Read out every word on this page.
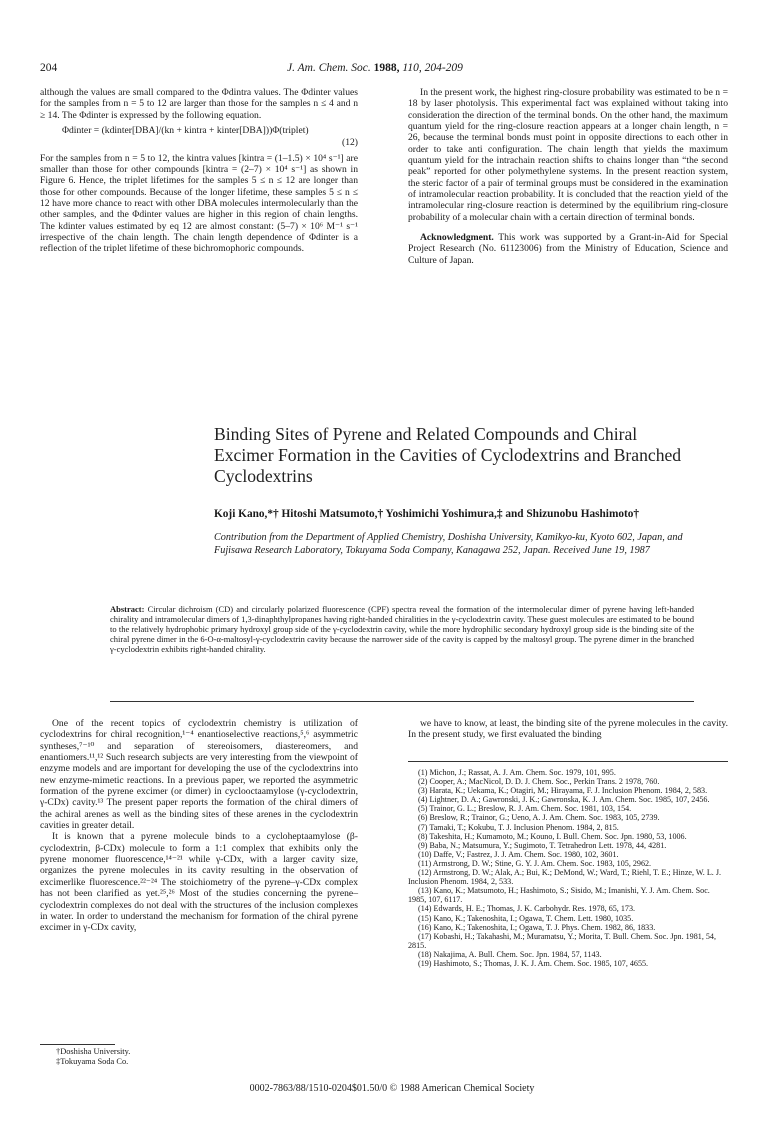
204	J. Am. Chem. Soc. 1988, 110, 204-209

although the values are small compared to the Φdintra values. The Φdinter values for the samples from n = 5 to 12 are larger than those for the samples n ≤ 4 and n ≥ 14. The Φdinter is expressed by the following equation.

Φdinter = (kdinter[DBA]/(kn + kintra + kinter[DBA]))Φ(triplet)
(12)

For the samples from n = 5 to 12, the kintra values [kintra = (1–1.5) × 10⁴ s⁻¹] are smaller than those for other compounds [kintra = (2–7) × 10⁴ s⁻¹] as shown in Figure 6. Hence, the triplet lifetimes for the samples 5 ≤ n ≤ 12 are longer than those for other compounds. Because of the longer lifetime, these samples 5 ≤ n ≤ 12 have more chance to react with other DBA molecules intermolecularly than the other samples, and the Φdinter values are higher in this region of chain lengths. The kdinter values estimated by eq 12 are almost constant: (5–7) × 10⁶ M⁻¹ s⁻¹ irrespective of the chain length. The chain length dependence of Φdinter is a reflection of the triplet lifetime of these bichromophoric compounds.

In the present work, the highest ring-closure probability was estimated to be n = 18 by laser photolysis. This experimental fact was explained without taking into consideration the direction of the terminal bonds. On the other hand, the maximum quantum yield for the ring-closure reaction appears at a longer chain length, n = 26, because the terminal bonds must point in opposite directions to each other in order to take anti configuration. The chain length that yields the maximum quantum yield for the intrachain reaction shifts to chains longer than “the second peak” reported for other polymethylene systems. In the present reaction system, the steric factor of a pair of terminal groups must be considered in the examination of intramolecular reaction probability. It is concluded that the reaction yield of the intramolecular ring-closure reaction is determined by the equilibrium ring-closure probability of a molecular chain with a certain direction of terminal bonds.

Acknowledgment. This work was supported by a Grant-in-Aid for Special Project Research (No. 61123006) from the Ministry of Education, Science and Culture of Japan.

Binding Sites of Pyrene and Related Compounds and Chiral Excimer Formation in the Cavities of Cyclodextrins and Branched Cyclodextrins
Koji Kano,*† Hitoshi Matsumoto,† Yoshimichi Yoshimura,‡ and Shizunobu Hashimoto†
Contribution from the Department of Applied Chemistry, Doshisha University, Kamikyo-ku, Kyoto 602, Japan, and Fujisawa Research Laboratory, Tokuyama Soda Company, Kanagawa 252, Japan. Received June 19, 1987
Abstract: Circular dichroism (CD) and circularly polarized fluorescence (CPF) spectra reveal the formation of the intermolecular dimer of pyrene having left-handed chirality and intramolecular dimers of 1,3-dinaphthylpropanes having right-handed chiralities in the γ-cyclodextrin cavity. These guest molecules are estimated to be bound to the relatively hydrophobic primary hydroxyl group side of the γ-cyclodextrin cavity, while the more hydrophilic secondary hydroxyl group side is the binding site of the chiral pyrene dimer in the 6-O-α-maltosyl-γ-cyclodextrin cavity because the narrower side of the cavity is capped by the maltosyl group. The pyrene dimer in the branched γ-cyclodextrin exhibits right-handed chirality.

One of the recent topics of cyclodextrin chemistry is utilization of cyclodextrins for chiral recognition,¹⁻⁴ enantioselective reactions,⁵,⁶ asymmetric syntheses,⁷⁻¹⁰ and separation of stereoisomers, diastereomers, and enantiomers.¹¹,¹² Such research subjects are very interesting from the viewpoint of enzyme models and are important for developing the use of the cyclodextrins into new enzyme-mimetic reactions. In a previous paper, we reported the asymmetric formation of the pyrene excimer (or dimer) in cyclooctaamylose (γ-cyclodextrin, γ-CDx) cavity.¹³ The present paper reports the formation of the chiral dimers of the achiral arenes as well as the binding sites of these arenes in the cyclodextrin cavities in greater detail.

It is known that a pyrene molecule binds to a cycloheptaamylose (β-cyclodextrin, β-CDx) molecule to form a 1:1 complex that exhibits only the pyrene monomer fluorescence,¹⁴⁻²¹ while γ-CDx, with a larger cavity size, organizes the pyrene molecules in its cavity resulting in the observation of excimerlike fluorescence.²²⁻²⁴ The stoichiometry of the pyrene–γ-CDx complex has not been clarified as yet.²⁵,²⁶ Most of the studies concerning the pyrene–cyclodextrin complexes do not deal with the structures of the inclusion complexes in water. In order to understand the mechanism for formation of the chiral pyrene excimer in γ-CDx cavity,

†Doshisha University.
‡Tokuyama Soda Co.

we have to know, at least, the binding site of the pyrene molecules in the cavity. In the present study, we first evaluated the binding

(1) Michon, J.; Rassat, A. J. Am. Chem. Soc. 1979, 101, 995.
(2) Cooper, A.; MacNicol, D. D. J. Chem. Soc., Perkin Trans. 2 1978, 760.
(3) Harata, K.; Uekama, K.; Otagiri, M.; Hirayama, F. J. Inclusion Phenom. 1984, 2, 583.
(4) Lightner, D. A.; Gawronski, J. K.; Gawronska, K. J. Am. Chem. Soc. 1985, 107, 2456.
(5) Trainor, G. L.; Breslow, R. J. Am. Chem. Soc. 1981, 103, 154.
(6) Breslow, R.; Trainor, G.; Ueno, A. J. Am. Chem. Soc. 1983, 105, 2739.
(7) Tamaki, T.; Kokubu, T. J. Inclusion Phenom. 1984, 2, 815.
(8) Takeshita, H.; Kumamoto, M.; Kouno, I. Bull. Chem. Soc. Jpn. 1980, 53, 1006.
(9) Baba, N.; Matsumura, Y.; Sugimoto, T. Tetrahedron Lett. 1978, 44, 4281.
(10) Daffe, V.; Fastrez, J. J. Am. Chem. Soc. 1980, 102, 3601.
(11) Armstrong, D. W.; Stine, G. Y. J. Am. Chem. Soc. 1983, 105, 2962.
(12) Armstrong, D. W.; Alak, A.; Bui, K.; DeMond, W.; Ward, T.; Riehl, T. E.; Hinze, W. L. J. Inclusion Phenom. 1984, 2, 533.
(13) Kano, K.; Matsumoto, H.; Hashimoto, S.; Sisido, M.; Imanishi, Y. J. Am. Chem. Soc. 1985, 107, 6117.
(14) Edwards, H. E.; Thomas, J. K. Carbohydr. Res. 1978, 65, 173.
(15) Kano, K.; Takenoshita, I.; Ogawa, T. Chem. Lett. 1980, 1035.
(16) Kano, K.; Takenoshita, I.; Ogawa, T. J. Phys. Chem. 1982, 86, 1833.
(17) Kobashi, H.; Takahashi, M.; Muramatsu, Y.; Morita, T. Bull. Chem. Soc. Jpn. 1981, 54, 2815.
(18) Nakajima, A. Bull. Chem. Soc. Jpn. 1984, 57, 1143.
(19) Hashimoto, S.; Thomas, J. K. J. Am. Chem. Soc. 1985, 107, 4655.
0002-7863/88/1510-0204$01.50/0 © 1988 American Chemical Society
